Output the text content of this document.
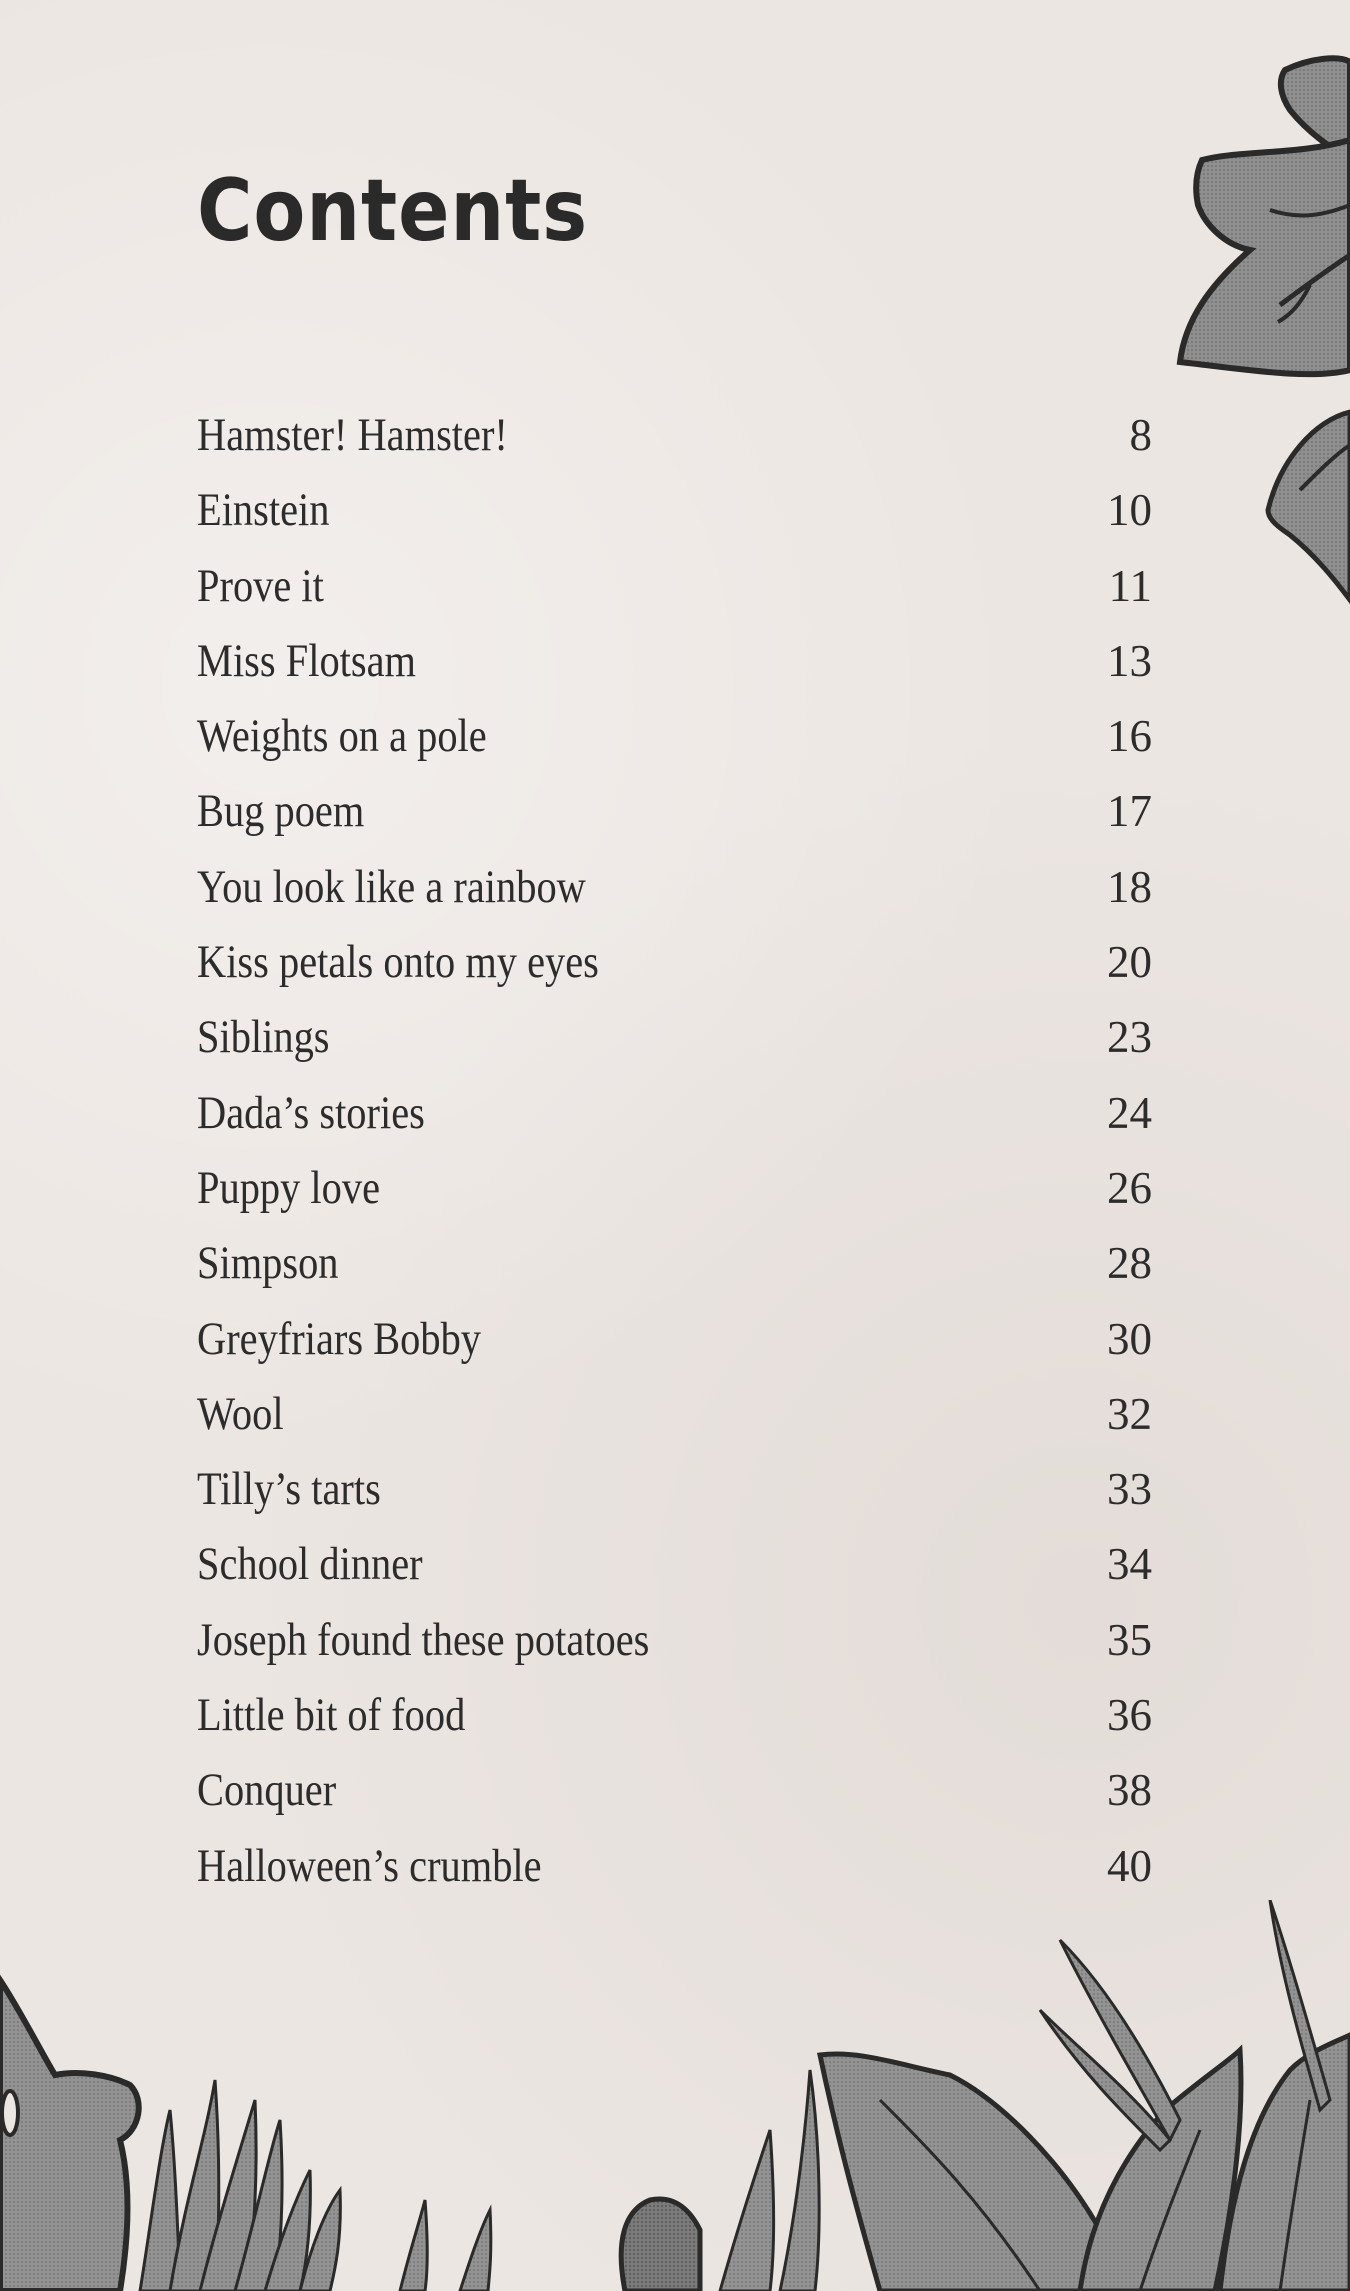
Contents
Hamster! Hamster!	8
Einstein	10
Prove it	11
Miss Flotsam	13
Weights on a pole	16
Bug poem	17
You look like a rainbow	18
Kiss petals onto my eyes	20
Siblings	23
Dada’s stories	24
Puppy love	26
Simpson	28
Greyfriars Bobby	30
Wool	32
Tilly’s tarts	33
School dinner	34
Joseph found these potatoes	35
Little bit of food	36
Conquer	38
Halloween’s crumble	40
